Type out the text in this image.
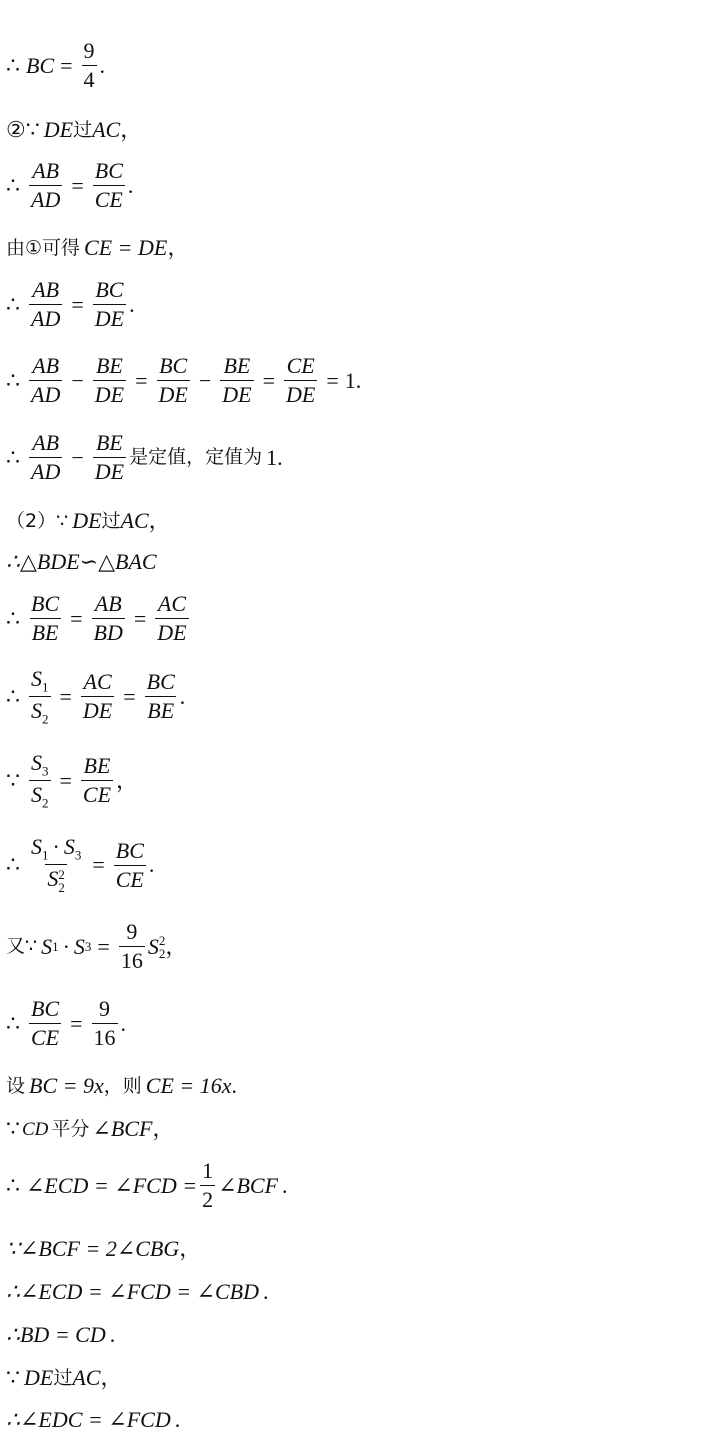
∴ BC = $\frac{9}{4}$ .
②∵ DE 过 AC ，
∴ $\frac{AB}{AD} = \frac{BC}{CE}$ .
由①可得 CE = DE ，
∴ $\frac{AB}{AD} = \frac{BC}{DE}$ .
∴ $\frac{AB}{AD} - \frac{BE}{DE} = \frac{BC}{DE} - \frac{BE}{DE} = \frac{CE}{DE} = 1$.
∴ $\frac{AB}{AD} - \frac{BE}{DE}$ 是定值，定值为 1.
（2）∵ DE 过 AC ，
∴△BDE∽△BAC
∴ $\frac{BC}{BE} = \frac{AB}{BD} = \frac{AC}{DE}$
∴ $\frac{S_1}{S_2} = \frac{AC}{DE} = \frac{BC}{BE}$ .
∵ $\frac{S_3}{S_2} = \frac{BE}{CE}$ ，
∴ $S_1 \cdot S_3$
S 2
$2 = \frac{BC}{CE}$ .
又∵ S 1 · S $3 = \frac{9}{16}$ S 2
2 ，
∴ $\frac{BC}{CE} = \frac{9}{16}$ .
设 BC = 9x ，则 CE = 16x .
∵ CD 平分 ∠BCF ，
∴ ∠ECD = ∠FCD = $\frac{1}{2}$ ∠BCF .
∵∠BCF = 2∠CBG ，
∴∠ECD = ∠FCD = ∠CBD .
∴BD = CD .
∵ DE 过 AC ，
∴∠EDC = ∠FCD .
